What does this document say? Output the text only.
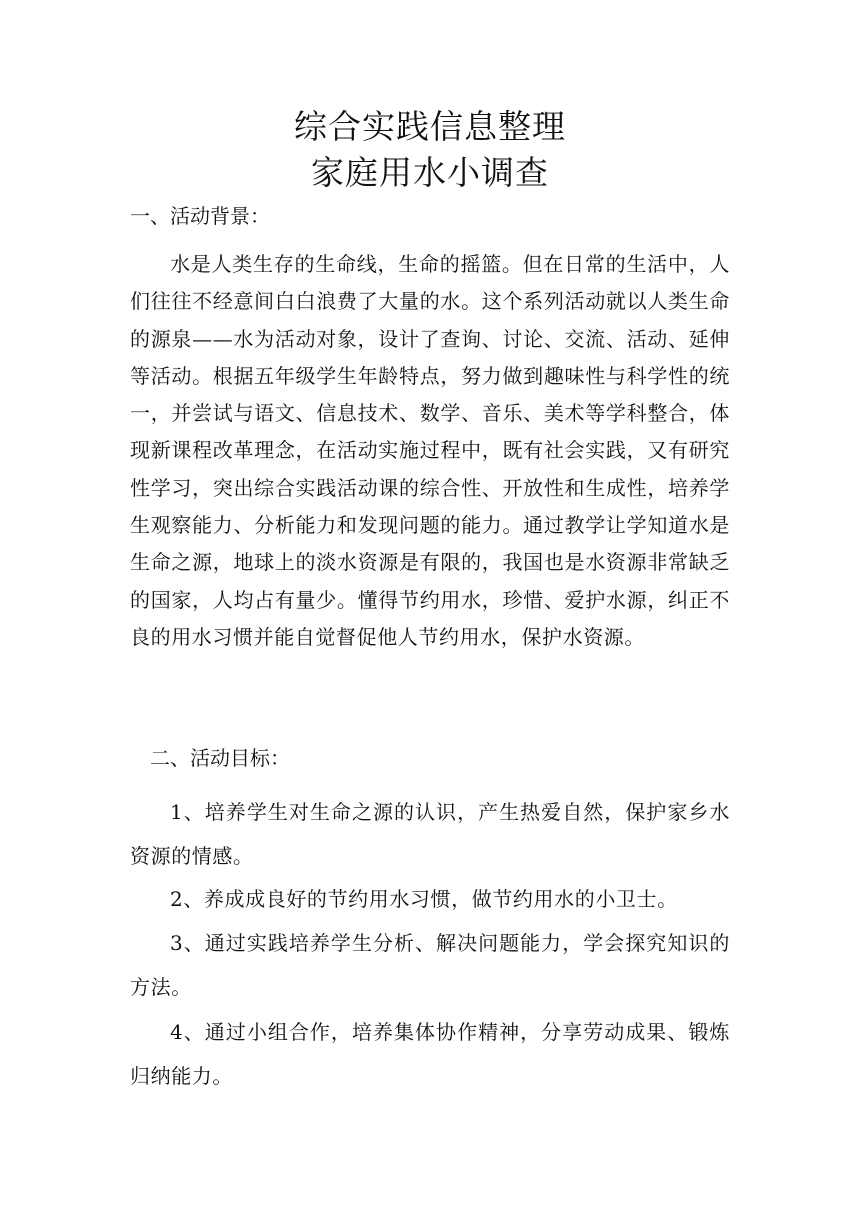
综合实践信息整理
家庭用水小调查
一、活动背景：

水是人类生存的生命线，生命的摇篮。但在日常的生活中，人们往往不经意间白白浪费了大量的水。这个系列活动就以人类生命的源泉——水为活动对象，设计了查询、讨论、交流、活动、延伸等活动。根据五年级学生年龄特点，努力做到趣味性与科学性的统一，并尝试与语文、信息技术、数学、音乐、美术等学科整合，体现新课程改革理念，在活动实施过程中，既有社会实践，又有研究性学习，突出综合实践活动课的综合性、开放性和生成性，培养学生观察能力、分析能力和发现问题的能力。通过教学让学知道水是生命之源，地球上的淡水资源是有限的，我国也是水资源非常缺乏的国家，人均占有量少。懂得节约用水，珍惜、爱护水源，纠正不良的用水习惯并能自觉督促他人节约用水，保护水资源。

二、活动目标：

1、培养学生对生命之源的认识，产生热爱自然，保护家乡水资源的情感。

2、养成成良好的节约用水习惯，做节约用水的小卫士。

3、通过实践培养学生分析、解决问题能力，学会探究知识的方法。

4、通过小组合作，培养集体协作精神，分享劳动成果、锻炼归纳能力。
